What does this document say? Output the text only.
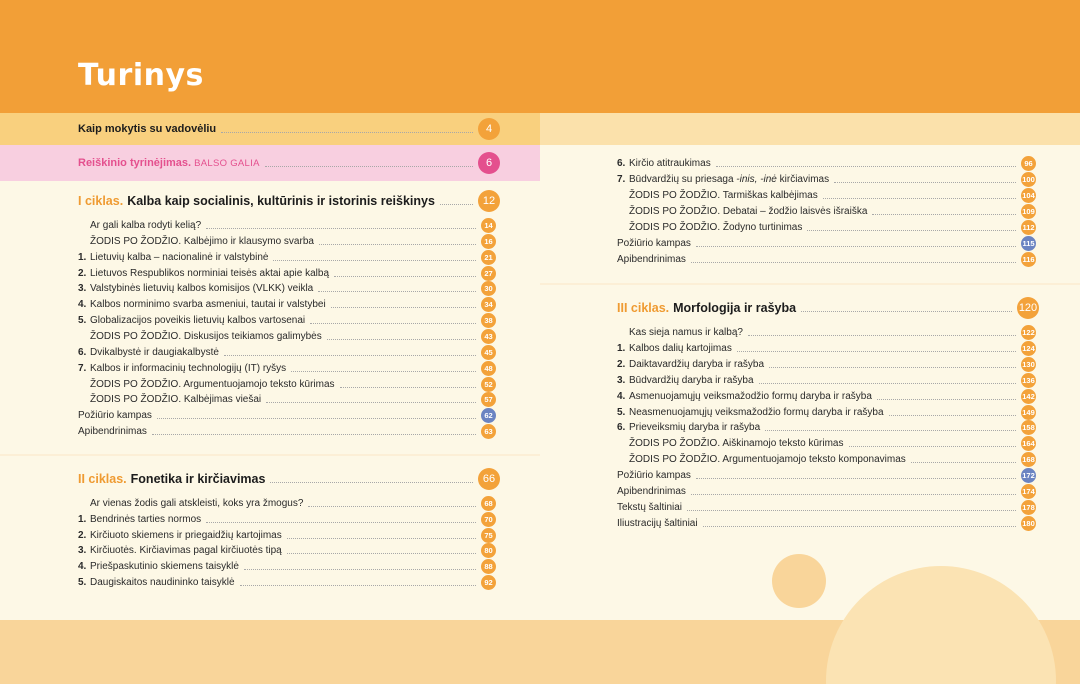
Turinys
Kaip mokytis su vadovėliu	4
Reiškinio tyrinėjimas. BALSO GALIA	6
I ciklas. Kalba kaip socialinis, kultūrinis ir istorinis reiškinys	12
Ar gali kalba rodyti kelią?	14
ŽODIS PO ŽODŽIO. Kalbėjimo ir klausymo svarba	16
1. Lietuvių kalba – nacionalinė ir valstybinė	21
2. Lietuvos Respublikos norminiai teisės aktai apie kalbą	27
3. Valstybinės lietuvių kalbos komisijos (VLKK) veikla	30
4. Kalbos norminimo svarba asmeniui, tautai ir valstybei	34
5. Globalizacijos poveikis lietuvių kalbos vartosenai	38
ŽODIS PO ŽODŽIO. Diskusijos teikiamos galimybės	43
6. Dvikalbystė ir daugiakalbystė	45
7. Kalbos ir informacinių technologijų (IT) ryšys	48
ŽODIS PO ŽODŽIO. Argumentuojamojo teksto kūrimas	52
ŽODIS PO ŽODŽIO. Kalbėjimas viešai	57
Požiūrio kampas	62
Apibendrinimas	63
II ciklas. Fonetika ir kirčiavimas	66
Ar vienas žodis gali atskleisti, koks yra žmogus?	68
1. Bendrinės tarties normos	70
2. Kirčiuoto skiemens ir priegaidžių kartojimas	75
3. Kirčiuotės. Kirčiavimas pagal kirčiuotės tipą	80
4. Priešpaskutinio skiemens taisyklė	88
5. Daugiskaitos naudininko taisyklė	92
6. Kirčio atitraukimas	96
7. Būdvardžių su priesaga -inis, -inė kirčiavimas	100
ŽODIS PO ŽODŽIO. Tarmiškas kalbėjimas	104
ŽODIS PO ŽODŽIO. Debatai – žodžio laisvės išraiška	109
ŽODIS PO ŽODŽIO. Žodyno turtinimas	112
Požiūrio kampas	115
Apibendrinimas	116
III ciklas. Morfologija ir rašyba	120
Kas sieja namus ir kalbą?	122
1. Kalbos dalių kartojimas	124
2. Daiktavardžių daryba ir rašyba	130
3. Būdvardžių daryba ir rašyba	136
4. Asmenuojamųjų veiksmažodžio formų daryba ir rašyba	142
5. Neasmenuojamųjų veiksmažodžio formų daryba ir rašyba	149
6. Prieveiksmių daryba ir rašyba	158
ŽODIS PO ŽODŽIO. Aiškinamojo teksto kūrimas	164
ŽODIS PO ŽODŽIO. Argumentuojamojo teksto komponavimas	168
Požiūrio kampas	172
Apibendrinimas	174
Tekstų šaltiniai	178
Iliustracijų šaltiniai	180
